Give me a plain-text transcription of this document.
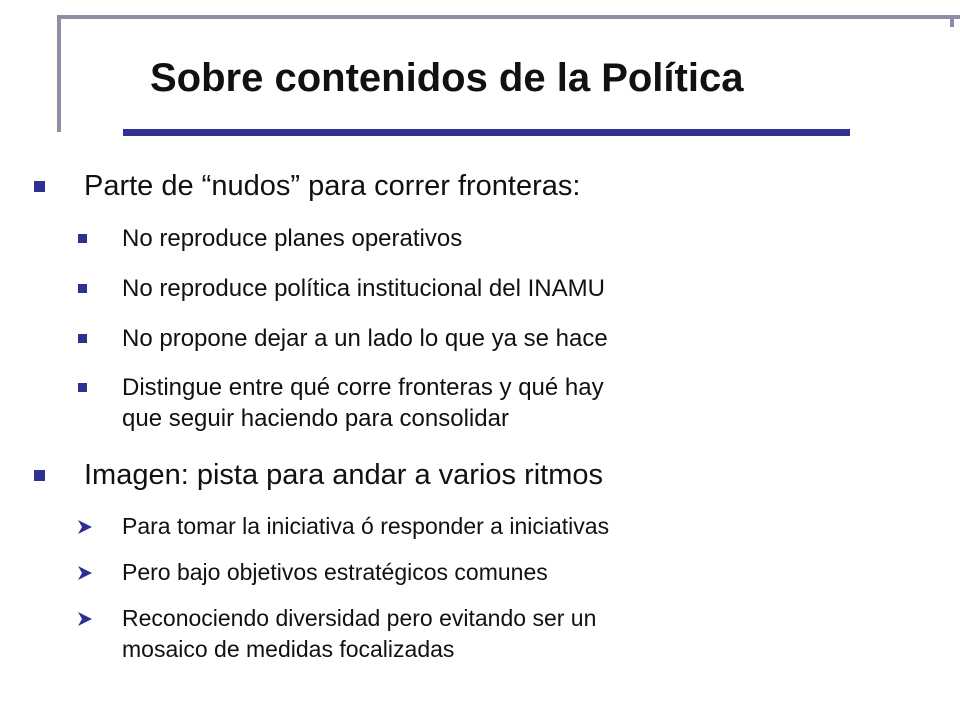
Sobre contenidos de la Política
Parte de “nudos” para correr fronteras:
No reproduce planes operativos
No reproduce política institucional del INAMU
No propone dejar a un lado lo que ya se hace
Distingue entre qué corre fronteras y qué hay
que seguir haciendo para consolidar
Imagen: pista para andar a varios ritmos
Para tomar la iniciativa ó responder a iniciativas
Pero bajo objetivos estratégicos comunes
Reconociendo diversidad pero evitando ser un
mosaico de medidas focalizadas
